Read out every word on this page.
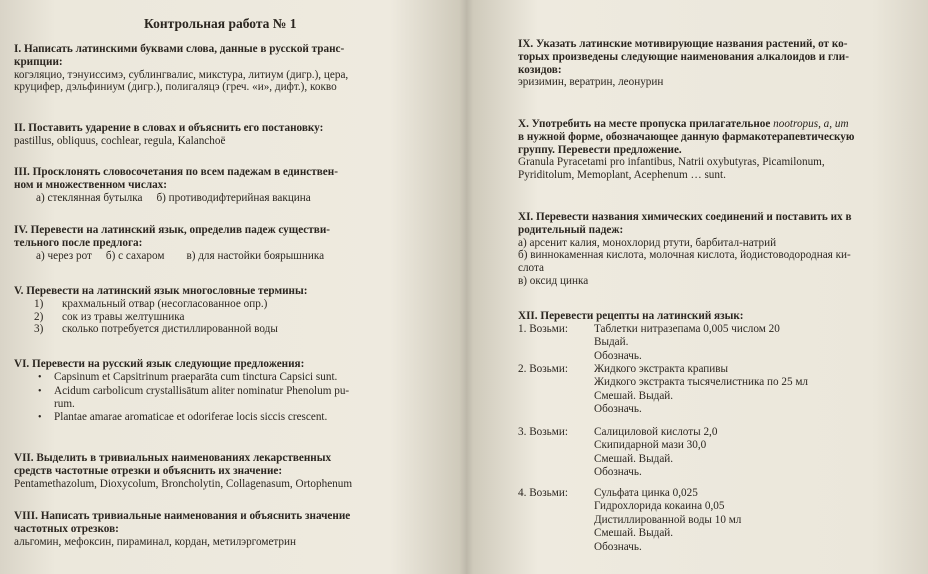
Контрольная работа № 1
I. Написать латинскими буквами слова, данные в русской транс-
крипции:
когэляцио, тэнуиссимэ, сублингвалис, микстура, литиум (дигр.), цера,
круцифер, дэльфиниум (дигр.), полигаляцэ (греч. «и», дифт.), кокво
II. Поставить ударение в словах и объяснить его постановку:
pastillus, obliquus, cochlear, regula, Kalanchoë
III. Просклонять словосочетания по всем падежам в единствен-
ном и множественном числах:
а) стеклянная бутылка б) противодифтерийная вакцина
IV. Перевести на латинский язык, определив падеж существи-
тельного после предлога:
а) через рот б) с сахаром в) для настойки боярышника
V. Перевести на латинский язык многословные термины:
1) крахмальный отвар (несогласованное опр.)
2) сок из травы желтушника
3) сколько потребуется дистиллированной воды
VI. Перевести на русский язык следующие предложения:
• Capsinum et Capsitrinum praeparāta cum tinctura Capsici sunt.
• Acidum carbolicum crystallisātum aliter nominatur Phenolum pu-
rum.
• Plantae amarae aromaticae et odoriferae locis siccis crescent.
VII. Выделить в тривиальных наименованиях лекарственных
средств частотные отрезки и объяснить их значение:
Pentamethazolum, Dioxycolum, Broncholytin, Collagenasum, Ortophenum
VIII. Написать тривиальные наименования и объяснить значение
частотных отрезков:
альгомин, мефоксин, пираминал, кордан, метилэргометрин
IX. Указать латинские мотивирующие названия растений, от ко-
торых произведены следующие наименования алкалоидов и гли-
козидов:
эризимин, вератрин, леонурин
X. Употребить на месте пропуска прилагательное nootropus, a, um
в нужной форме, обозначающее данную фармакотерапевтическую
группу. Перевести предложение.
Granula Pyracetami pro infantibus, Natrii oxybutyras, Picamilonum,
Pyriditolum, Memoplant, Acephenum … sunt.
XI. Перевести названия химических соединений и поставить их в
родительный падеж:
а) арсенит калия, монохлорид ртути, барбитал-натрий
б) виннокаменная кислота, молочная кислота, йодистоводородная ки-
слота
в) оксид цинка
XII. Перевести рецепты на латинский язык:
1. Возьми:	Таблетки нитразепама 0,005 числом 20
Выдай.
Обозначь.
2. Возьми:	Жидкого экстракта крапивы
Жидкого экстракта тысячелистника по 25 мл
Смешай. Выдай.
Обозначь.
3. Возьми:	Салициловой кислоты 2,0
Скипидарной мази 30,0
Смешай. Выдай.
Обозначь.
4. Возьми:	Сульфата цинка 0,025
Гидрохлорида кокаина 0,05
Дистиллированной воды 10 мл
Смешай. Выдай.
Обозначь.
